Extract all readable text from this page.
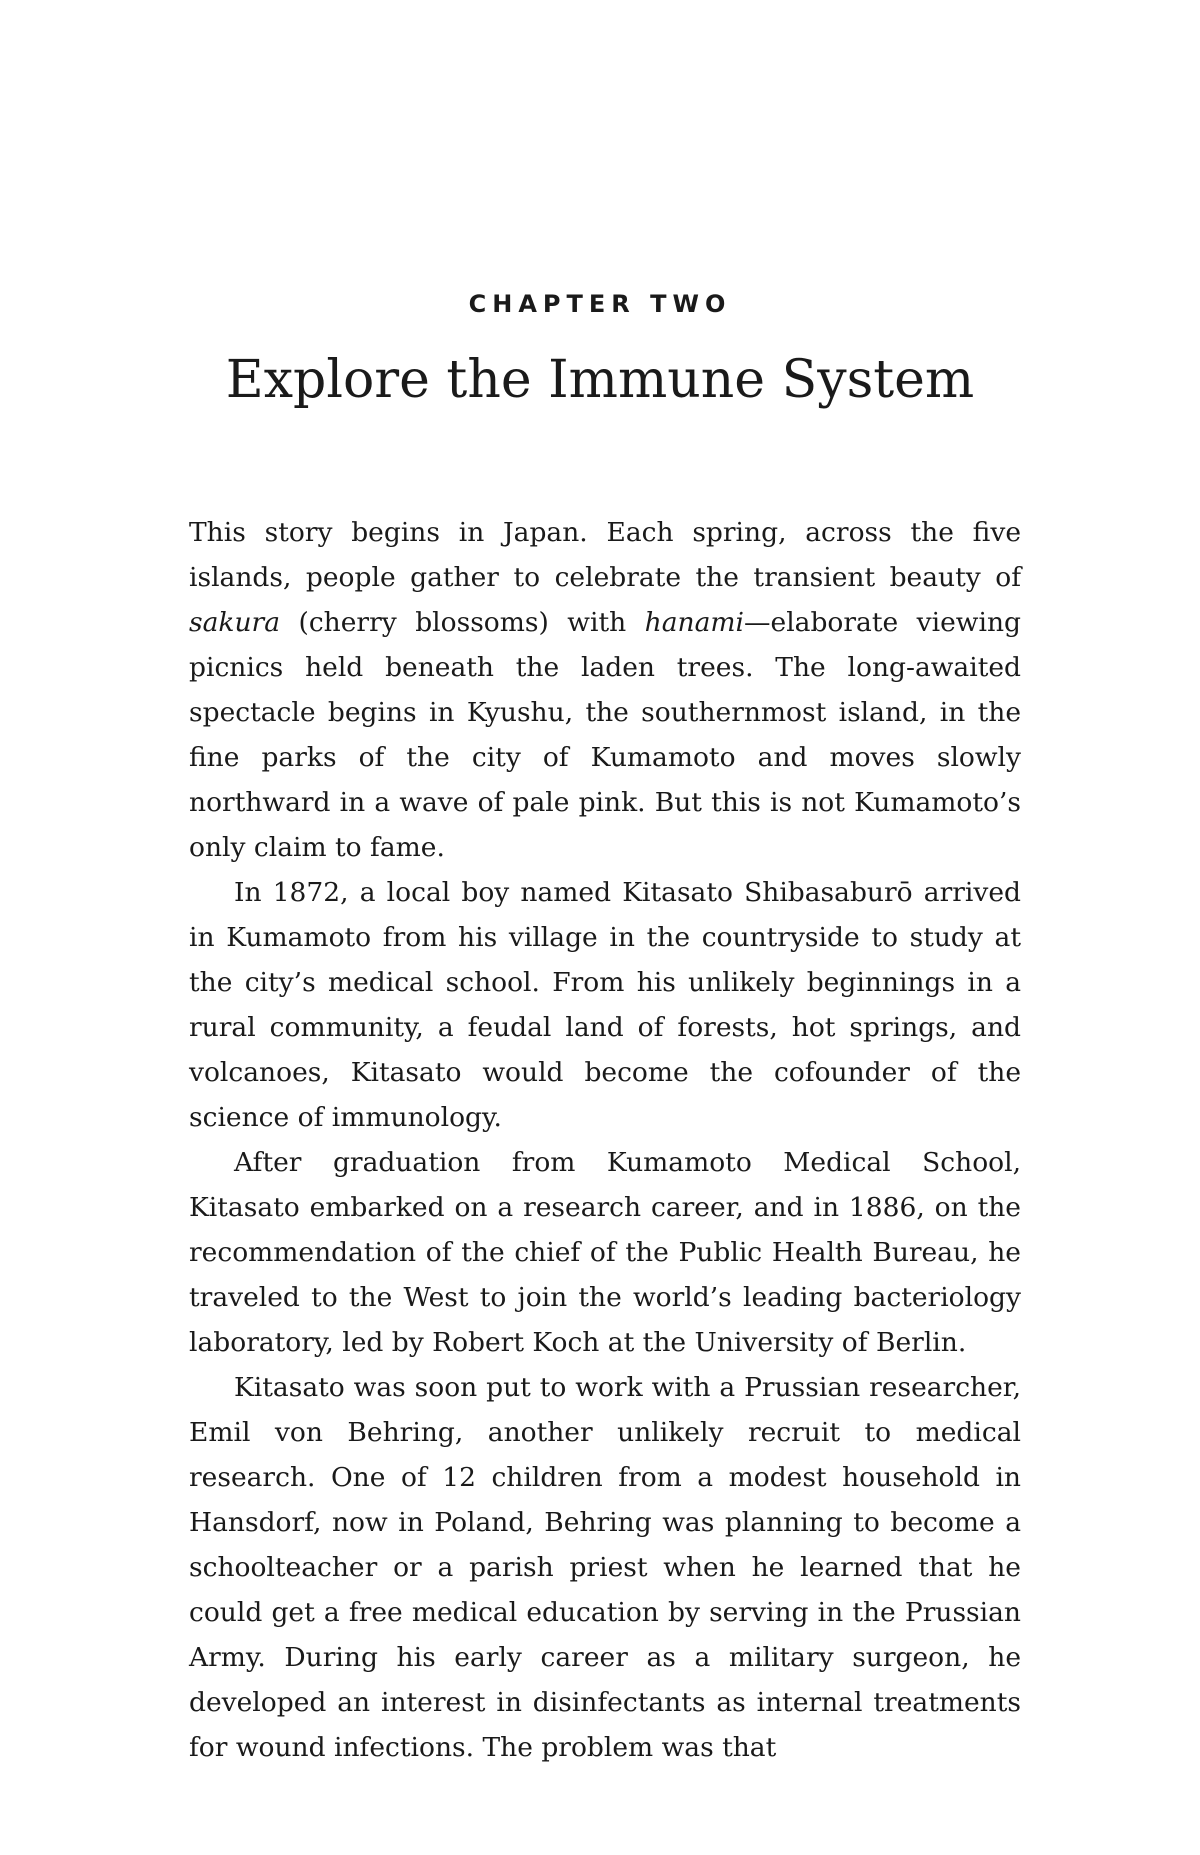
CHAPTER TWO
Explore the Immune System

This story begins in Japan. Each spring, across the five islands, people gather to celebrate the transient beauty of sakura (cherry blossoms) with hanami—elaborate viewing picnics held beneath the laden trees. The long-awaited spectacle begins in Kyushu, the southernmost island, in the fine parks of the city of Kumamoto and moves slowly northward in a wave of pale pink. But this is not Kumamoto’s only claim to fame.

In 1872, a local boy named Kitasato Shibasaburō arrived in Kumamoto from his village in the countryside to study at the city’s medical school. From his unlikely beginnings in a rural community, a feudal land of forests, hot springs, and volcanoes, Kitasato would become the cofounder of the science of immunology.

After graduation from Kumamoto Medical School, Kitasato embarked on a research career, and in 1886, on the recommendation of the chief of the Public Health Bureau, he traveled to the West to join the world’s leading bacteriology laboratory, led by Robert Koch at the University of Berlin.

Kitasato was soon put to work with a Prussian researcher, Emil von Behring, another unlikely recruit to medical research. One of 12 children from a modest household in Hansdorf, now in Poland, Behring was planning to become a schoolteacher or a parish priest when he learned that he could get a free medical education by serving in the Prussian Army. During his early career as a military surgeon, he developed an interest in disinfectants as internal treatments for wound infections. The problem was that
